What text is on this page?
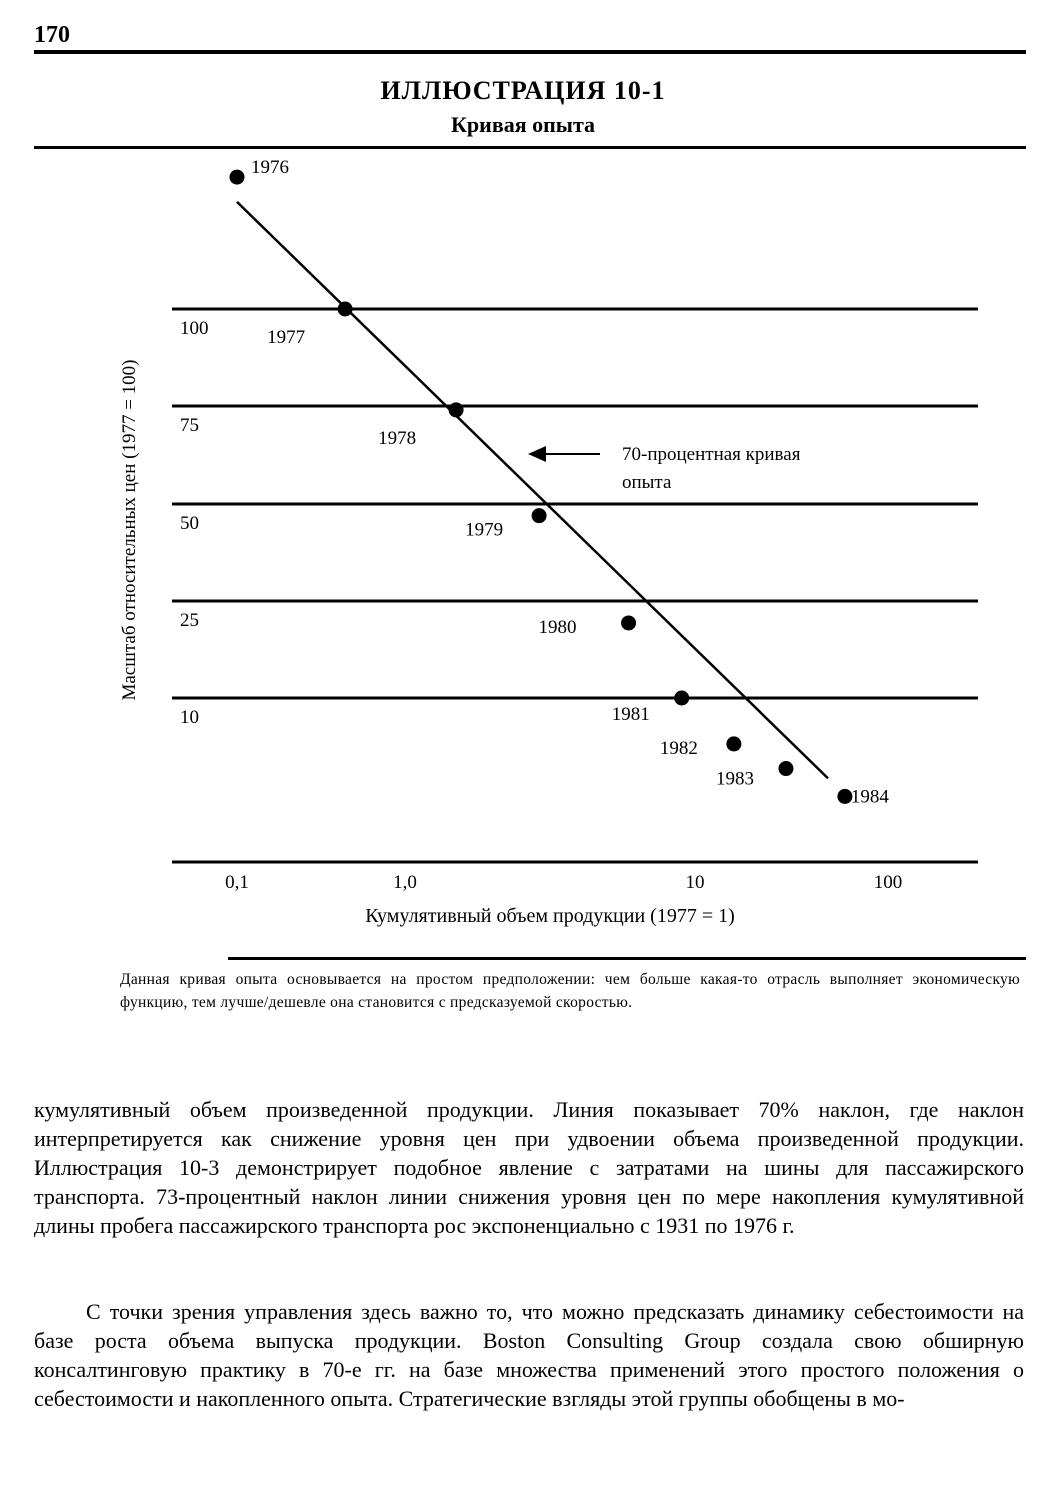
170
ИЛЛЮСТРАЦИЯ 10-1
Кривая опыта
1976
1977
1978
1979
1980
1981
1982
1983
1984
0,1	1,0	10	100
100
75
50
25
10
70-процентная кривая
опыта
Масштаб относительных цен (1977 = 100)
Кумулятивный объем продукции (1977 = 1)
Данная кривая опыта основывается на простом предположении: чем больше какая-то отрасль выполняет экономическую функцию, тем лучше/дешевле она становится с предсказуемой скоростью.
кумулятивный объем произведенной продукции. Линия показывает 70% наклон, где наклон интерпретируется как снижение уровня цен при удвоении объема произведенной продукции. Иллюстрация 10-3 демонстрирует подобное явление с затратами на шины для пассажирского транспорта. 73-процентный наклон линии снижения уровня цен по мере накопления кумулятивной длины пробега пассажирского транспорта рос экспоненциально с 1931 по 1976 г.
С точки зрения управления здесь важно то, что можно предсказать динамику себестоимости на базе роста объема выпуска продукции. Boston Consulting Group создала свою обширную консалтинговую практику в 70-е гг. на базе множества применений этого простого положения о себестоимости и накопленного опыта. Стратегические взгляды этой группы обобщены в мо-
